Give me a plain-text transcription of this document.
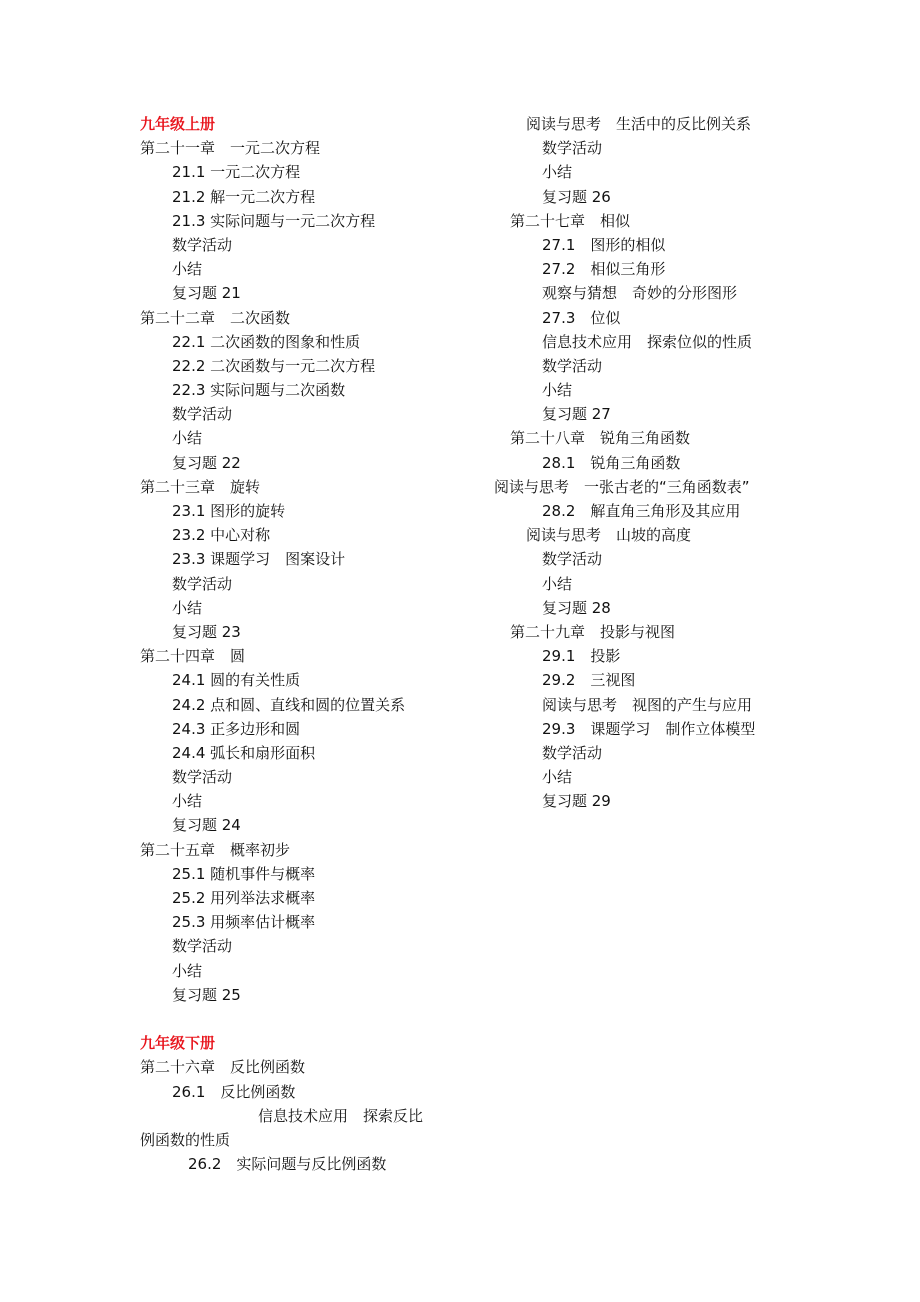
九年级上册
第二十一章　一元二次方程
21.1 一元二次方程
21.2 解一元二次方程
21.3 实际问题与一元二次方程
数学活动
小结
复习题 21
第二十二章　二次函数
22.1 二次函数的图象和性质
22.2 二次函数与一元二次方程
22.3 实际问题与二次函数
数学活动
小结
复习题 22
第二十三章　旋转
23.1 图形的旋转
23.2 中心对称
23.3 课题学习　图案设计
数学活动
小结
复习题 23
第二十四章　圆
24.1 圆的有关性质
24.2 点和圆、直线和圆的位置关系
24.3 正多边形和圆
24.4 弧长和扇形面积
数学活动
小结
复习题 24
第二十五章　概率初步
25.1 随机事件与概率
25.2 用列举法求概率
25.3 用频率估计概率
数学活动
小结
复习题 25
九年级下册
第二十六章　反比例函数
26.1　反比例函数
信息技术应用　探索反比
例函数的性质
26.2　实际问题与反比例函数
阅读与思考　生活中的反比例关系
数学活动
小结
复习题 26
第二十七章　相似
27.1　图形的相似
27.2　相似三角形
观察与猜想　奇妙的分形图形
27.3　位似
信息技术应用　探索位似的性质
数学活动
小结
复习题 27
第二十八章　锐角三角函数
28.1　锐角三角函数
阅读与思考　一张古老的“三角函数表”
28.2　解直角三角形及其应用
阅读与思考　山坡的高度
数学活动
小结
复习题 28
第二十九章　投影与视图
29.1　投影
29.2　三视图
阅读与思考　视图的产生与应用
29.3　课题学习　制作立体模型
数学活动
小结
复习题 29
